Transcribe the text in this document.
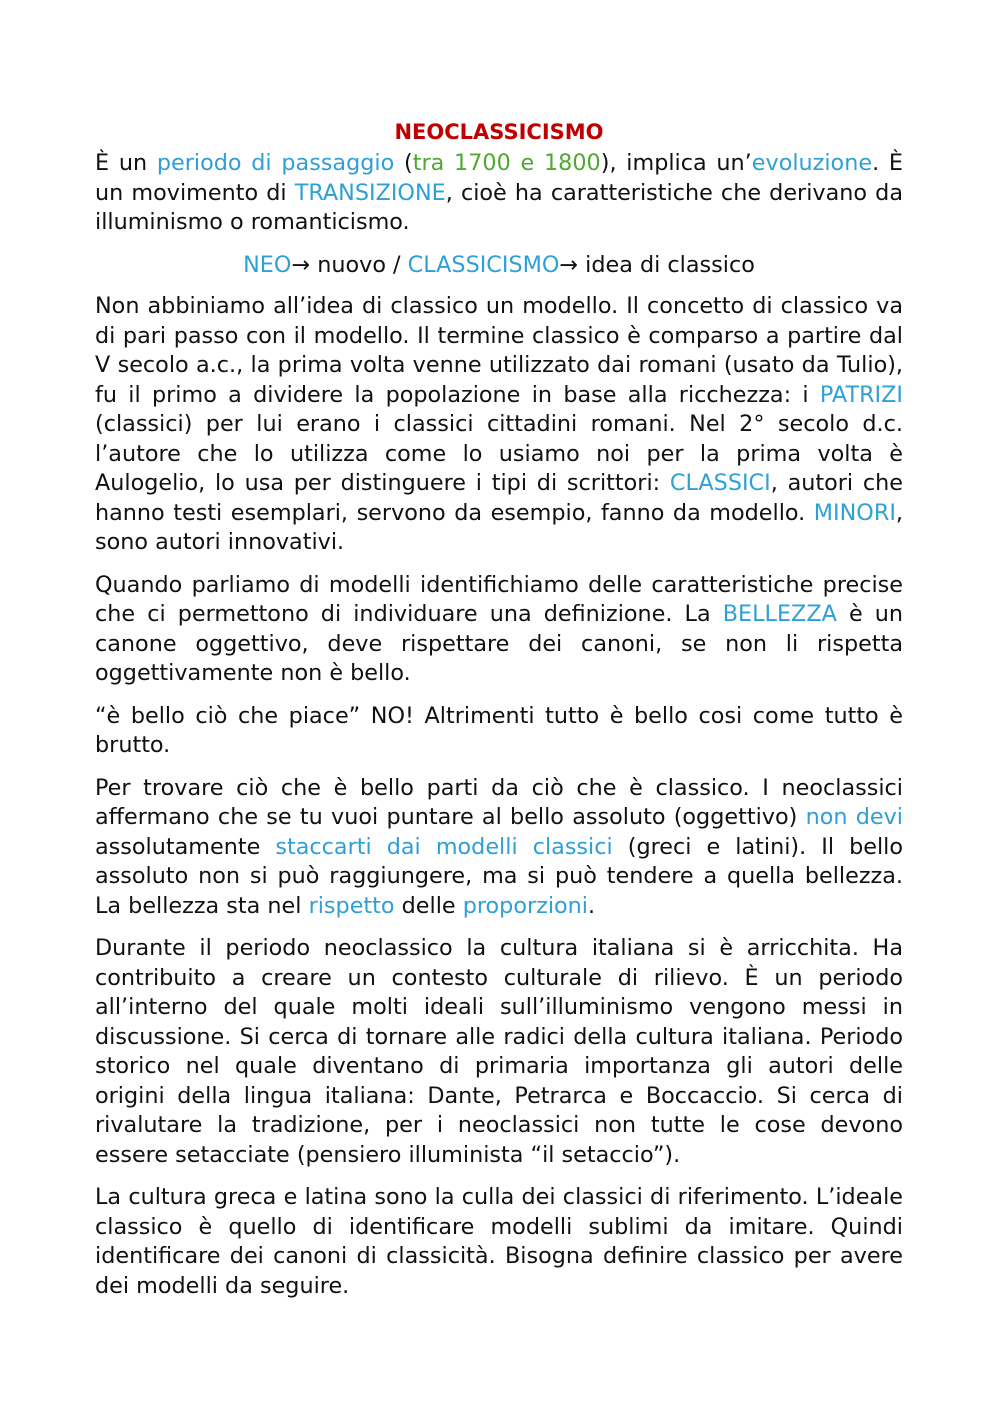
NEOCLASSICISMO

È un periodo di passaggio (tra 1700 e 1800), implica un’evoluzione. È un movimento di TRANSIZIONE, cioè ha caratteristiche che derivano da illuminismo o romanticismo.

NEO→ nuovo / CLASSICISMO→ idea di classico

Non abbiniamo all’idea di classico un modello. Il concetto di classico va di pari passo con il modello. Il termine classico è comparso a partire dal V secolo a.c., la prima volta venne utilizzato dai romani (usato da Tulio), fu il primo a dividere la popolazione in base alla ricchezza: i PATRIZI (classici) per lui erano i classici cittadini romani. Nel 2° secolo d.c. l’autore che lo utilizza come lo usiamo noi per la prima volta è Aulogelio, lo usa per distinguere i tipi di scrittori: CLASSICI, autori che hanno testi esemplari, servono da esempio, fanno da modello. MINORI, sono autori innovativi.

Quando parliamo di modelli identifichiamo delle caratteristiche precise che ci permettono di individuare una definizione. La BELLEZZA è un canone oggettivo, deve rispettare dei canoni, se non li rispetta oggettivamente non è bello.

“è bello ciò che piace” NO! Altrimenti tutto è bello cosi come tutto è brutto.

Per trovare ciò che è bello parti da ciò che è classico. I neoclassici affermano che se tu vuoi puntare al bello assoluto (oggettivo) non devi assolutamente staccarti dai modelli classici (greci e latini). Il bello assoluto non si può raggiungere, ma si può tendere a quella bellezza. La bellezza sta nel rispetto delle proporzioni.

Durante il periodo neoclassico la cultura italiana si è arricchita. Ha contribuito a creare un contesto culturale di rilievo. È un periodo all’interno del quale molti ideali sull’illuminismo vengono messi in discussione. Si cerca di tornare alle radici della cultura italiana. Periodo storico nel quale diventano di primaria importanza gli autori delle origini della lingua italiana: Dante, Petrarca e Boccaccio. Si cerca di rivalutare la tradizione, per i neoclassici non tutte le cose devono essere setacciate (pensiero illuminista “il setaccio”).

La cultura greca e latina sono la culla dei classici di riferimento. L’ideale classico è quello di identificare modelli sublimi da imitare. Quindi identificare dei canoni di classicità. Bisogna definire classico per avere dei modelli da seguire.
